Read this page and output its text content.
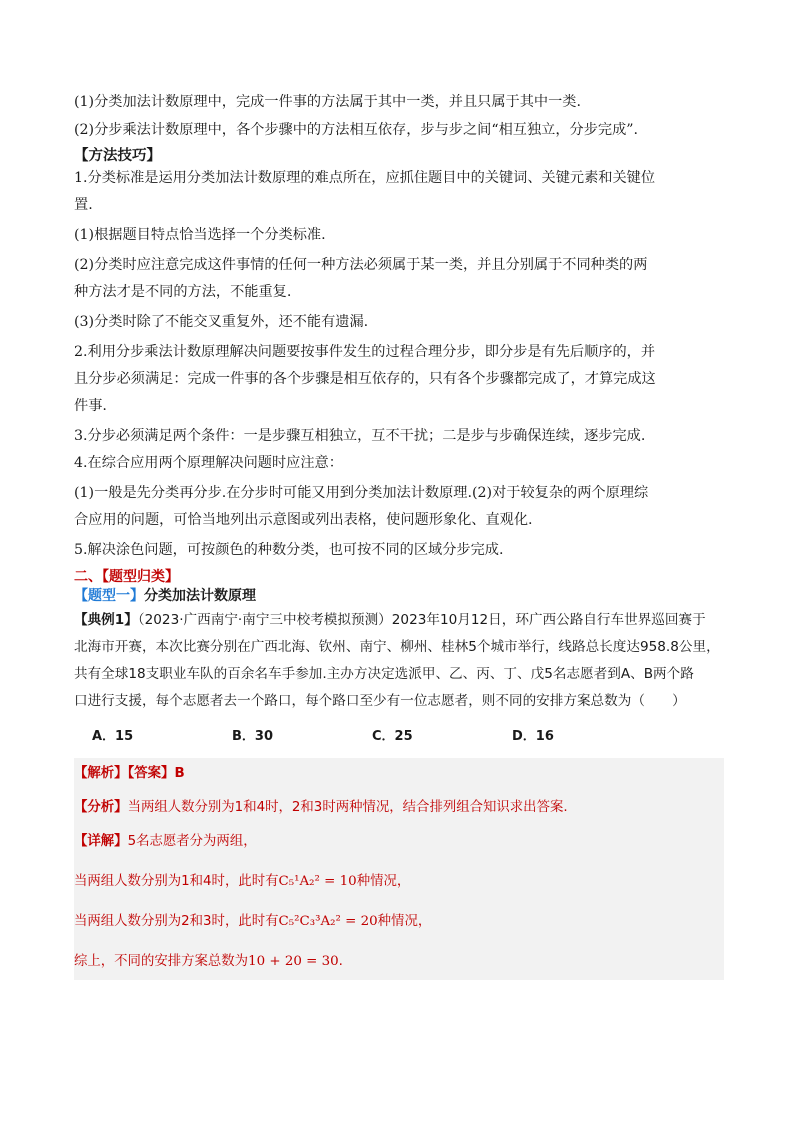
(1)分类加法计数原理中，完成一件事的方法属于其中一类，并且只属于其中一类.

(2)分步乘法计数原理中，各个步骤中的方法相互依存，步与步之间“相互独立，分步完成”.

【方法技巧】

1.分类标准是运用分类加法计数原理的难点所在，应抓住题目中的关键词、关键元素和关键位

置.

(1)根据题目特点恰当选择一个分类标准.

(2)分类时应注意完成这件事情的任何一种方法必须属于某一类，并且分别属于不同种类的两

种方法才是不同的方法，不能重复.

(3)分类时除了不能交叉重复外，还不能有遗漏.

2.利用分步乘法计数原理解决问题要按事件发生的过程合理分步，即分步是有先后顺序的，并

且分步必须满足：完成一件事的各个步骤是相互依存的，只有各个步骤都完成了，才算完成这

件事.

3.分步必须满足两个条件：一是步骤互相独立，互不干扰；二是步与步确保连续，逐步完成.

4.在综合应用两个原理解决问题时应注意：

(1)一般是先分类再分步.在分步时可能又用到分类加法计数原理.(2)对于较复杂的两个原理综

合应用的问题，可恰当地列出示意图或列出表格，使问题形象化、直观化.

5.解决涂色问题，可按颜色的种数分类，也可按不同的区域分步完成.

二、【题型归类】
【题型一】分类加法计数原理
【典例1】（2023·广西南宁·南宁三中校考模拟预测）2023年10月12日，环广西公路自行车世界巡回赛于
北海市开赛，本次比赛分别在广西北海、钦州、南宁、柳州、桂林5个城市举行，线路总长度达958.8公里，
共有全球18支职业车队的百余名车手参加.主办方决定选派甲、乙、丙、丁、戊5名志愿者到A、B两个路
口进行支援，每个志愿者去一个路口，每个路口至少有一位志愿者，则不同的安排方案总数为（　　）
A．15	B．30	C．25	D．16

【解析】【答案】B

【分析】当两组人数分别为1和4时，2和3时两种情况，结合排列组合知识求出答案.

【详解】5名志愿者分为两组，

当两组人数分别为1和4时，此时有C₅¹A₂² = 10种情况，

当两组人数分别为2和3时，此时有C₅²C₃³A₂² = 20种情况，

综上，不同的安排方案总数为10 + 20 = 30.
